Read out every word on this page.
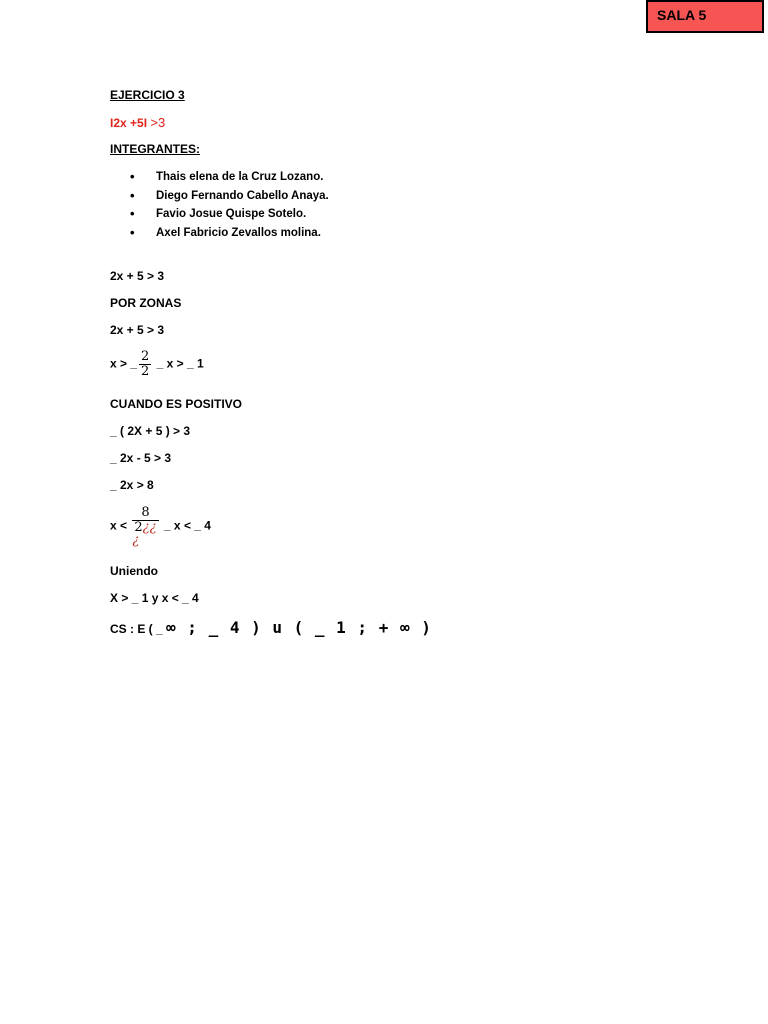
SALA 5
EJERCICIO 3
I2x +5I >3
INTEGRANTES:
• Thais elena de la Cruz Lozano.
• Diego Fernando Cabello Anaya.
• Favio Josue Quispe Sotelo.
• Axel Fabricio Zevallos molina.
2x + 5 > 3
POR ZONAS
2x + 5 > 3
x > _ $\frac{2}{2}$ _ x > _ 1
CUANDO ES POSITIVO
_ ( 2X + 5 ) > 3
_ 2x - 5 > 3
_ 2x > 8
x <
8
2¿¿
¿
_ x < _ 4
Uniendo
X > _ 1 y x < _ 4
CS : E ( _ ∞ ; _ 4 ) u ( _ 1 ; + ∞ )
